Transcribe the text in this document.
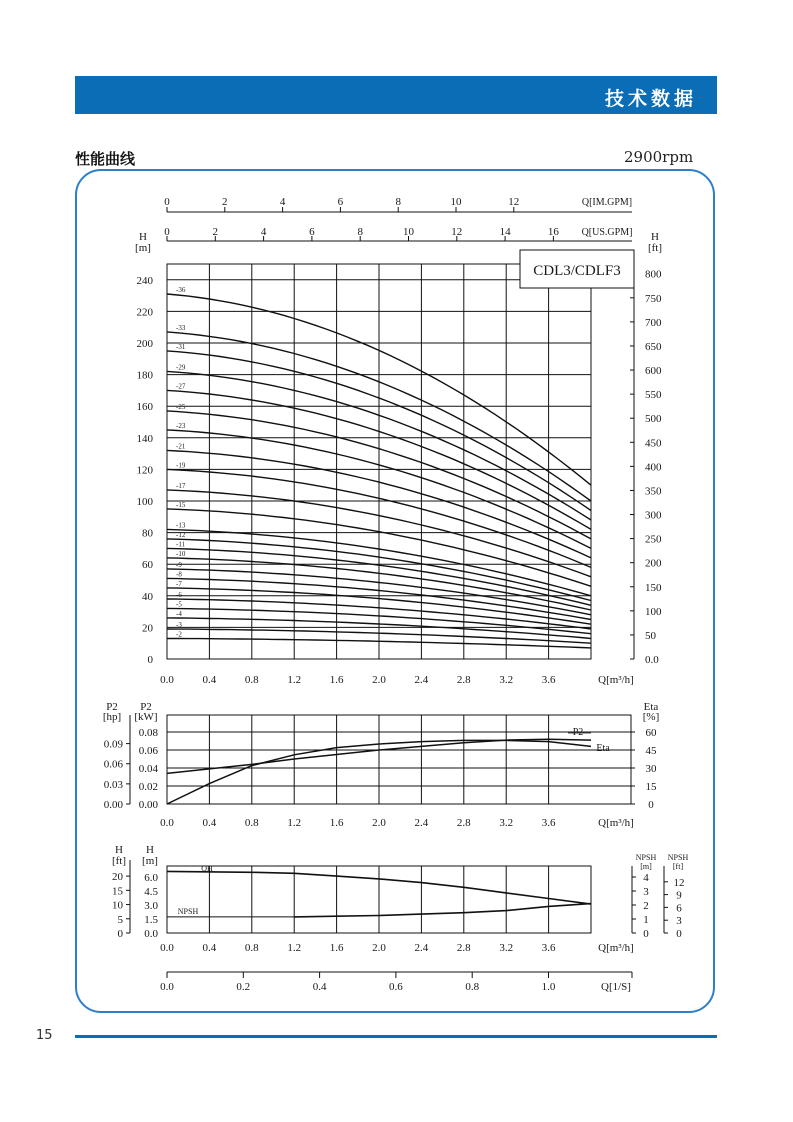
技术数据
性能曲线	2900rpm
0
20
40
60
80
100
120
140
160
180
200
220
240
H
[m]
0.0
50
100
150
200
250
300
350
400
450
500
550
600
650
700
750
800
H
[ft]
0.0	0.4	0.8	1.2	1.6	2.0	2.4	2.8	3.2	3.6	Q[m³/h]
0	2	4	6	8	10	12	Q[IM.GPM]
0	2	4	6	8	10	12	14	16 Q[US.GPM]
CDL3/CDLF3
-36
-33
-31
-29
-27
-25
-23
-21
-19
-17
-15
-13
-12
-11
-10
-9
-8
-7
-6
-5
-4
-3
-2
0.00
0.02
0.04
0.06
0.08
P2
[kW]
0.00
0.03
0.06
0.09
P2
[hp]
0
15
30
45
60
Eta
[%]
0.0	0.4	0.8	1.2	1.6	2.0	2.4	2.8	3.2	3.6	Q[m³/h]
P2
Eta
0.0
1.5
3.0
4.5
6.0
H
[m]
0
5
10
15
20
H
[ft]
0
1
2
3
4
NPSH
[m]
0
3
6
9
12
NPSH
[ft]
0.0	0.4	0.8	1.2	1.6	2.0	2.4	2.8	3.2	3.6	Q[m³/h]
QH
NPSH
0.0	0.2	0.4	0.6	0.8	1.0	Q[1/S]
15
